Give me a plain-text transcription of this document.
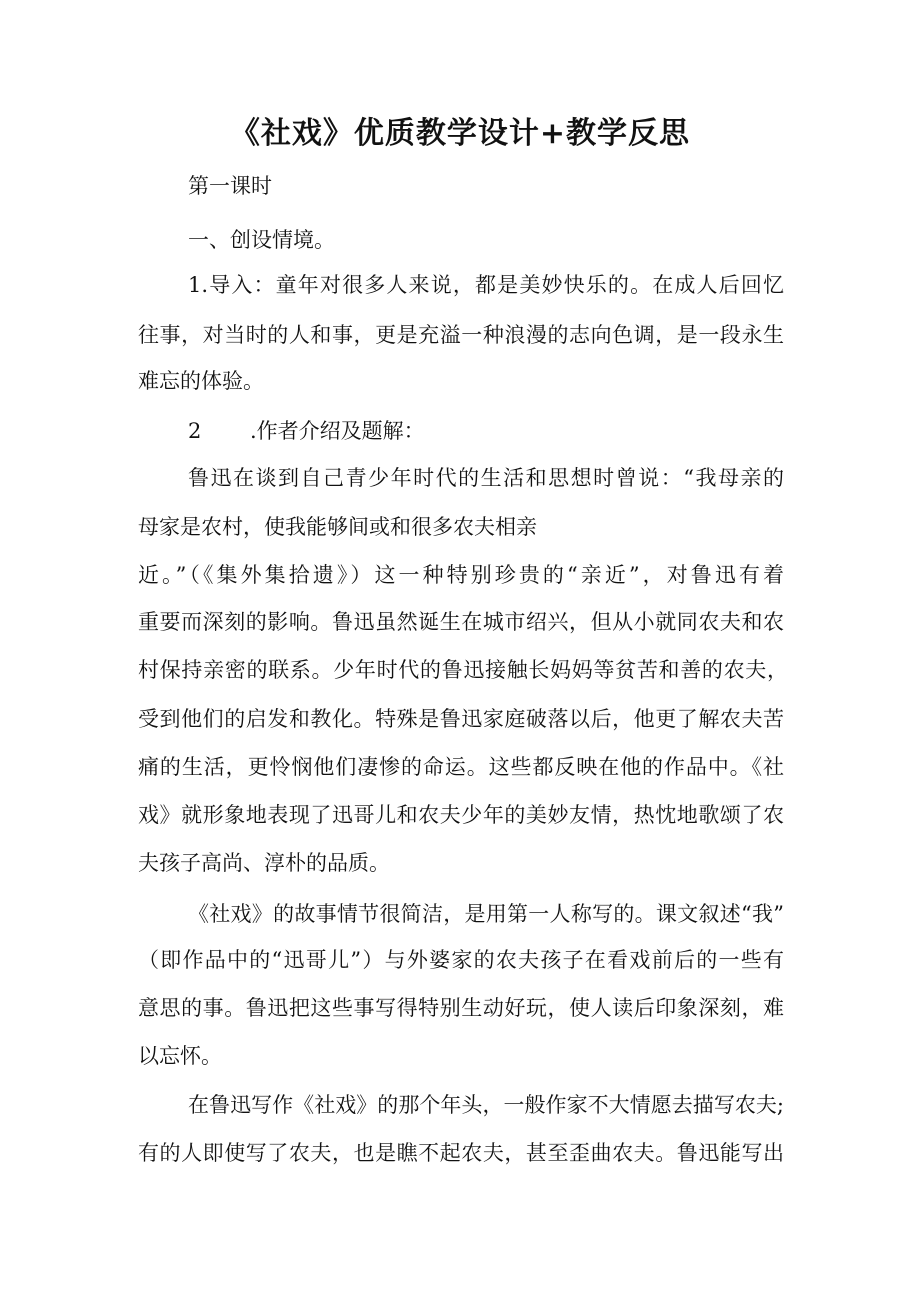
《社戏》优质教学设计+教学反思

第一课时

一、创设情境。

1.导入：童年对很多人来说，都是美妙快乐的。在成人后回忆

往事，对当时的人和事，更是充溢一种浪漫的志向色调，是一段永生

难忘的体验。

2 .作者介绍及题解：

鲁迅在谈到自己青少年时代的生活和思想时曾说：“我母亲的

母家是农村，使我能够间或和很多农夫相亲

近。”（《集外集拾遗》）这一种特别珍贵的“亲近”，对鲁迅有着

重要而深刻的影响。鲁迅虽然诞生在城市绍兴，但从小就同农夫和农

村保持亲密的联系。少年时代的鲁迅接触长妈妈等贫苦和善的农夫，

受到他们的启发和教化。特殊是鲁迅家庭破落以后，他更了解农夫苦

痛的生活，更怜悯他们凄惨的命运。这些都反映在他的作品中。《社

戏》就形象地表现了迅哥儿和农夫少年的美妙友情，热忱地歌颂了农

夫孩子高尚、淳朴的品质。

《社戏》的故事情节很简洁，是用第一人称写的。课文叙述“我”

（即作品中的“迅哥儿”）与外婆家的农夫孩子在看戏前后的一些有

意思的事。鲁迅把这些事写得特别生动好玩，使人读后印象深刻，难

以忘怀。

在鲁迅写作《社戏》的那个年头，一般作家不大情愿去描写农夫;

有的人即使写了农夫，也是瞧不起农夫，甚至歪曲农夫。鲁迅能写出
